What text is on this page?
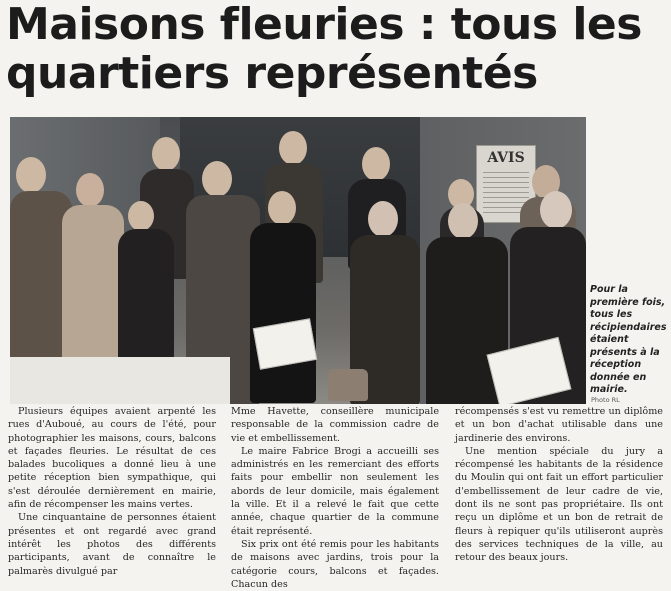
Maisons fleuries : tous les quartiers représentés
AVIS
Pour la première fois, tous les récipiendaires étaient présents à la réception donnée en mairie.
Photo RL

Plusieurs équipes avaient arpenté les rues d'Auboué, au cours de l'été, pour photographier les maisons, cours, balcons et façades fleuries. Le résultat de ces balades bucoliques a donné lieu à une petite réception bien sympathique, qui s'est déroulée dernièrement en mairie, afin de récompenser les mains vertes.

Une cinquantaine de personnes étaient présentes et ont regardé avec grand intérêt les photos des différents participants, avant de connaître le palmarès divulgué par

Mme Havette, conseillère municipale responsable de la commission cadre de vie et embellissement.

Le maire Fabrice Brogi a accueilli ses administrés en les remerciant des efforts faits pour embellir non seulement les abords de leur domicile, mais également la ville. Et il a relevé le fait que cette année, chaque quartier de la commune était représenté.

Six prix ont été remis pour les habitants de maisons avec jardins, trois pour la catégorie cours, balcons et façades. Chacun des

récompensés s'est vu remettre un diplôme et un bon d'achat utilisable dans une jardinerie des environs.

Une mention spéciale du jury a récompensé les habitants de la résidence du Moulin qui ont fait un effort particulier d'embellissement de leur cadre de vie, dont ils ne sont pas propriétaire. Ils ont reçu un diplôme et un bon de retrait de fleurs à repiquer qu'ils utiliseront auprès des services techniques de la ville, au retour des beaux jours.
